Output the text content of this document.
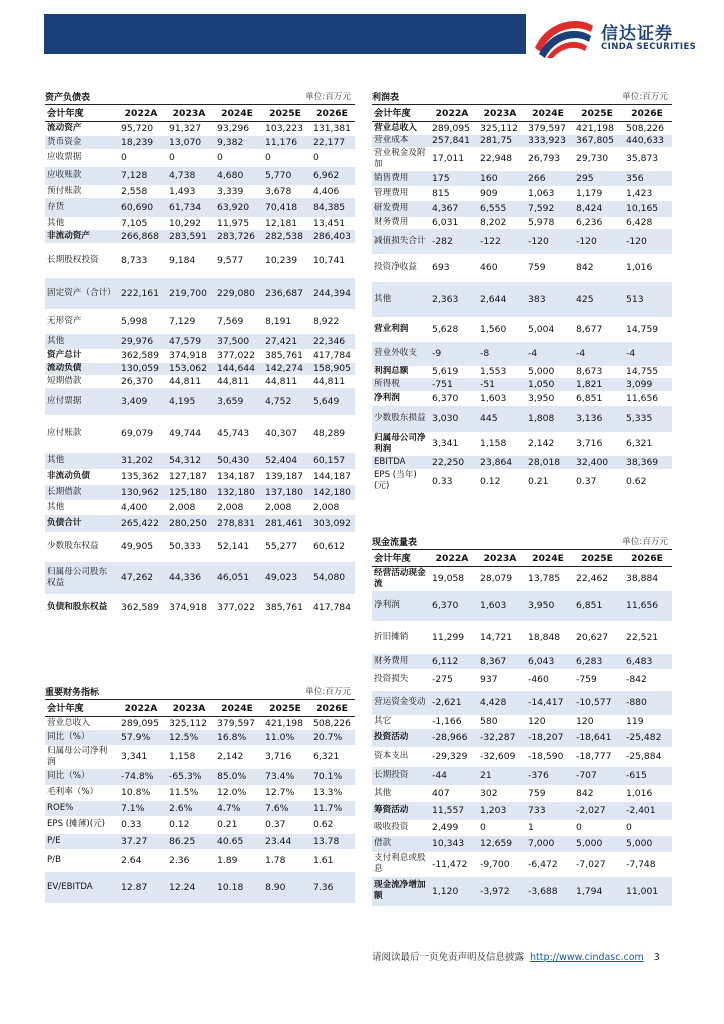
信达证券
CINDA SECURITIES
资产负债表	单位:百万元
会计年度	2022A	2023A	2024E	2025E	2026E
流动资产	95,720	91,327	93,296	103,223	131,381
货币资金	18,239	13,070	9,382	11,176	22,177
应收票据	0	0	0	0	0
应收账款	7,128	4,738	4,680	5,770	6,962
预付账款	2,558	1,493	3,339	3,678	4,406
存货	60,690	61,734	63,920	70,418	84,385
其他	7,105	10,292	11,975	12,181	13,451
非流动资产	266,868	283,591	283,726	282,538	286,403
长期股权投资	8,733	9,184	9,577	10,239	10,741
固定资产（合计）	222,161	219,700	229,080	236,687	244,394
无形资产	5,998	7,129	7,569	8,191	8,922
其他	29,976	47,579	37,500	27,421	22,346
资产总计	362,589	374,918	377,022	385,761	417,784
流动负债	130,059	153,062	144,644	142,274	158,905
短期借款	26,370	44,811	44,811	44,811	44,811
应付票据	3,409	4,195	3,659	4,752	5,649
应付账款	69,079	49,744	45,743	40,307	48,289
其他	31,202	54,312	50,430	52,404	60,157
非流动负债	135,362	127,187	134,187	139,187	144,187
长期借款	130,962	125,180	132,180	137,180	142,180
其他	4,400	2,008	2,008	2,008	2,008
负债合计	265,422	280,250	278,831	281,461	303,092
少数股东权益	49,905	50,333	52,141	55,277	60,612
归属母公司股东权益	47,262	44,336	46,051	49,023	54,080
负债和股东权益	362,589	374,918	377,022	385,761	417,784
利润表	单位:百万元
会计年度	2022A	2023A	2024E	2025E	2026E
营业总收入	289,095	325,112	379,597	421,198	508,226
营业成本	257,841	281,75	333,923	367,805	440,633
营业税金及附加	17,011	22,948	26,793	29,730	35,873
销售费用	175	160	266	295	356
管理费用	815	909	1,063	1,179	1,423
研发费用	4,367	6,555	7,592	8,424	10,165
财务费用	6,031	8,202	5,978	6,236	6,428
减值损失合计	-282	-122	-120	-120	-120
投资净收益	693	460	759	842	1,016
其他	2,363	2,644	383	425	513
营业利润	5,628	1,560	5,004	8,677	14,759
营业外收支	-9	-8	-4	-4	-4
利润总额	5,619	1,553	5,000	8,673	14,755
所得税	-751	-51	1,050	1,821	3,099
净利润	6,370	1,603	3,950	6,851	11,656
少数股东损益	3,030	445	1,808	3,136	5,335
归属母公司净利润	3,341	1,158	2,142	3,716	6,321
EBITDA	22,250	23,864	28,018	32,400	38,369
EPS (当年)(元)	0.33	0.12	0.21	0.37	0.62
重要财务指标	单位:百万元
会计年度	2022A	2023A	2024E	2025E	2026E
营业总收入	289,095	325,112	379,597	421,198	508,226
同比（%）	57.9%	12.5%	16.8%	11.0%	20.7%
归属母公司净利润	3,341	1,158	2,142	3,716	6,321
同比（%）	-74.8%	-65.3%	85.0%	73.4%	70.1%
毛利率（%）	10.8%	11.5%	12.0%	12.7%	13.3%
ROE%	7.1%	2.6%	4.7%	7.6%	11.7%
EPS (摊薄)(元)	0.33	0.12	0.21	0.37	0.62
P/E	37.27	86.25	40.65	23.44	13.78
P/B	2.64	2.36	1.89	1.78	1.61
EV/EBITDA	12.87	12.24	10.18	8.90	7.36
现金流量表	单位:百万元
会计年度	2022A	2023A	2024E	2025E	2026E
经营活动现金流	19,058	28,079	13,785	22,462	38,884
净利润	6,370	1,603	3,950	6,851	11,656
折旧摊销	11,299	14,721	18,848	20,627	22,521
财务费用	6,112	8,367	6,043	6,283	6,483
投资损失	-275	937	-460	-759	-842
营运资金变动	-2,621	4,428	-14,417	-10,577	-880
其它	-1,166	580	120	120	119
投资活动	-28,966	-32,287	-18,207	-18,641	-25,482
资本支出	-29,329	-32,609	-18,590	-18,777	-25,884
长期投资	-44	21	-376	-707	-615
其他	407	302	759	842	1,016
筹资活动	11,557	1,203	733	-2,027	-2,401
吸收投资	2,499	0	1	0	0
借款	10,343	12,659	7,000	5,000	5,000
支付利息或股息	-11,472	-9,700	-6,472	-7,027	-7,748
现金流净增加额	1,120	-3,972	-3,688	1,794	11,001
请阅读最后一页免责声明及信息披露 http://www.cindasc.com 3
